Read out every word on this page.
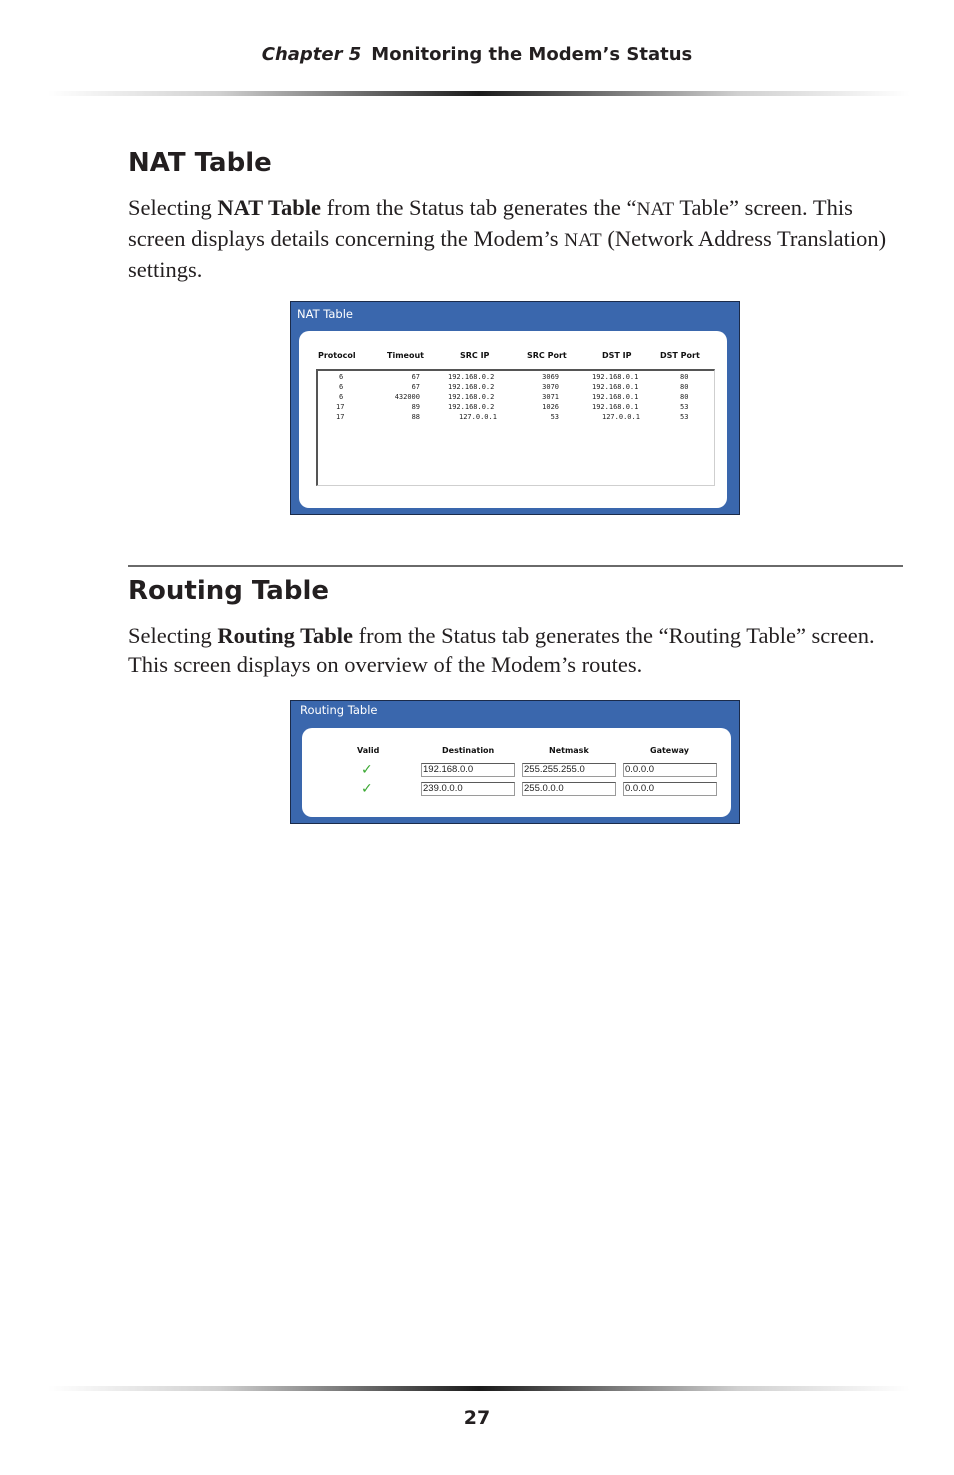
Chapter 5 Monitoring the Modem’s Status
NAT Table

Selecting NAT Table from the Status tab generates the “NAT Table” screen. This screen displays details concerning the Modem’s NAT (Network Address Translation) settings.

NAT Table
Protocol	Timeout	SRC IP	SRC Port	DST IP	DST Port
6	67	192.168.0.2	3069	192.168.0.1	80
6	67	192.168.0.2	3070	192.168.0.1	80
6	432000	192.168.0.2	3071	192.168.0.1	80
17	89	192.168.0.2	1026	192.168.0.1	53
17	88	127.0.0.1	53	127.0.0.1	53
Routing Table

Selecting Routing Table from the Status tab generates the “Routing Table” screen. This screen displays on overview of the Modem’s routes.

Routing Table
Valid	Destination	Netmask	Gateway
✓	192.168.0.0	255.255.255.0	0.0.0.0
✓	239.0.0.0	255.0.0.0	0.0.0.0
27
